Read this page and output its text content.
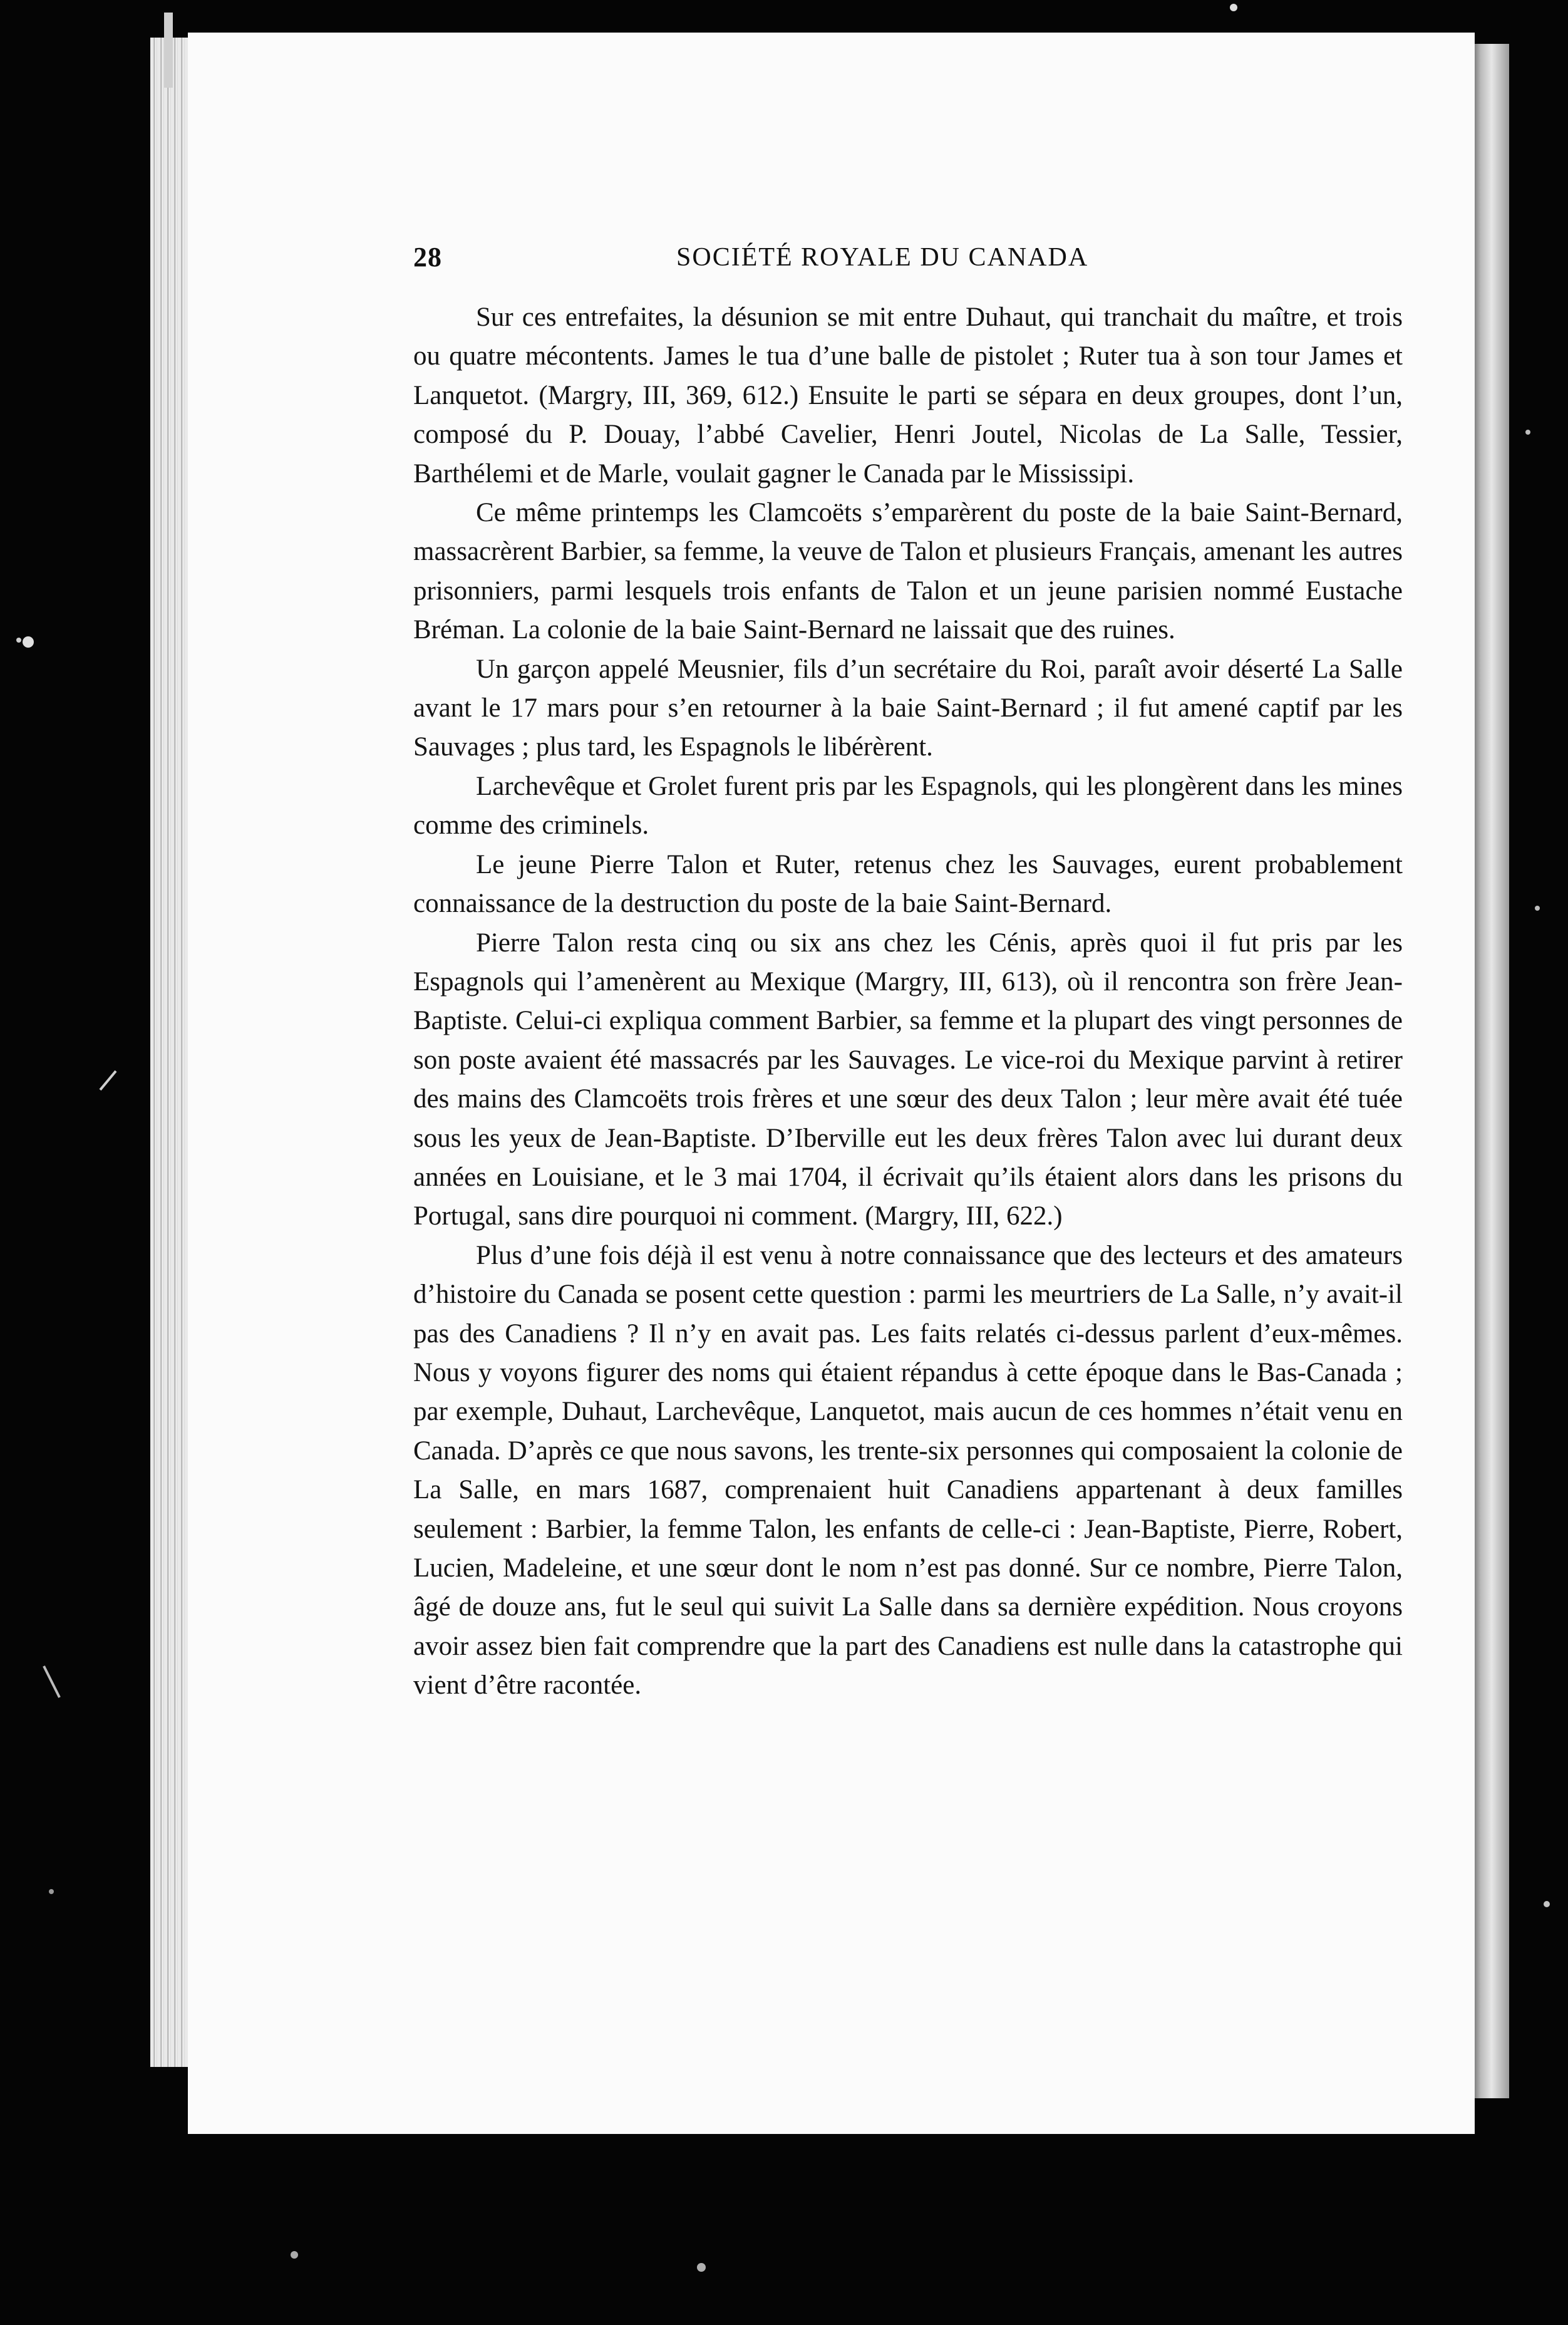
28	SOCIÉTÉ ROYALE DU CANADA

Sur ces entrefaites, la désunion se mit entre Duhaut, qui tranchait du maître, et trois ou quatre mécontents. James le tua d’une balle de pistolet ; Ruter tua à son tour James et Lanquetot. (Margry, III, 369, 612.) Ensuite le parti se sépara en deux groupes, dont l’un, composé du P. Douay, l’abbé Cavelier, Henri Joutel, Nicolas de La Salle, Tessier, Barthélemi et de Marle, voulait gagner le Canada par le Mississipi.

Ce même printemps les Clamcoëts s’emparèrent du poste de la baie Saint-Bernard, massacrèrent Barbier, sa femme, la veuve de Talon et plusieurs Français, amenant les autres prisonniers, parmi lesquels trois enfants de Talon et un jeune parisien nommé Eustache Bréman. La colonie de la baie Saint-Bernard ne laissait que des ruines.

Un garçon appelé Meusnier, fils d’un secrétaire du Roi, paraît avoir déserté La Salle avant le 17 mars pour s’en retourner à la baie Saint-Bernard ; il fut amené captif par les Sauvages ; plus tard, les Espagnols le libérèrent.

Larchevêque et Grolet furent pris par les Espagnols, qui les plongèrent dans les mines comme des criminels.

Le jeune Pierre Talon et Ruter, retenus chez les Sauvages, eurent probablement connaissance de la destruction du poste de la baie Saint-Bernard.

Pierre Talon resta cinq ou six ans chez les Cénis, après quoi il fut pris par les Espagnols qui l’amenèrent au Mexique (Margry, III, 613), où il rencontra son frère Jean-Baptiste. Celui-ci expliqua comment Barbier, sa femme et la plupart des vingt personnes de son poste avaient été massacrés par les Sauvages. Le vice-roi du Mexique parvint à retirer des mains des Clamcoëts trois frères et une sœur des deux Talon ; leur mère avait été tuée sous les yeux de Jean-Baptiste. D’Iberville eut les deux frères Talon avec lui durant deux années en Louisiane, et le 3 mai 1704, il écrivait qu’ils étaient alors dans les prisons du Portugal, sans dire pourquoi ni comment. (Margry, III, 622.)

Plus d’une fois déjà il est venu à notre connaissance que des lecteurs et des amateurs d’histoire du Canada se posent cette question : parmi les meurtriers de La Salle, n’y avait-il pas des Canadiens ? Il n’y en avait pas. Les faits relatés ci-dessus parlent d’eux-mêmes. Nous y voyons figurer des noms qui étaient répandus à cette époque dans le Bas-Canada ; par exemple, Duhaut, Larchevêque, Lanquetot, mais aucun de ces hommes n’était venu en Canada. D’après ce que nous savons, les trente-six personnes qui composaient la colonie de La Salle, en mars 1687, comprenaient huit Canadiens appartenant à deux familles seulement : Barbier, la femme Talon, les enfants de celle-ci : Jean-Baptiste, Pierre, Robert, Lucien, Madeleine, et une sœur dont le nom n’est pas donné. Sur ce nombre, Pierre Talon, âgé de douze ans, fut le seul qui suivit La Salle dans sa dernière expédition. Nous croyons avoir assez bien fait comprendre que la part des Canadiens est nulle dans la catastrophe qui vient d’être racontée.
